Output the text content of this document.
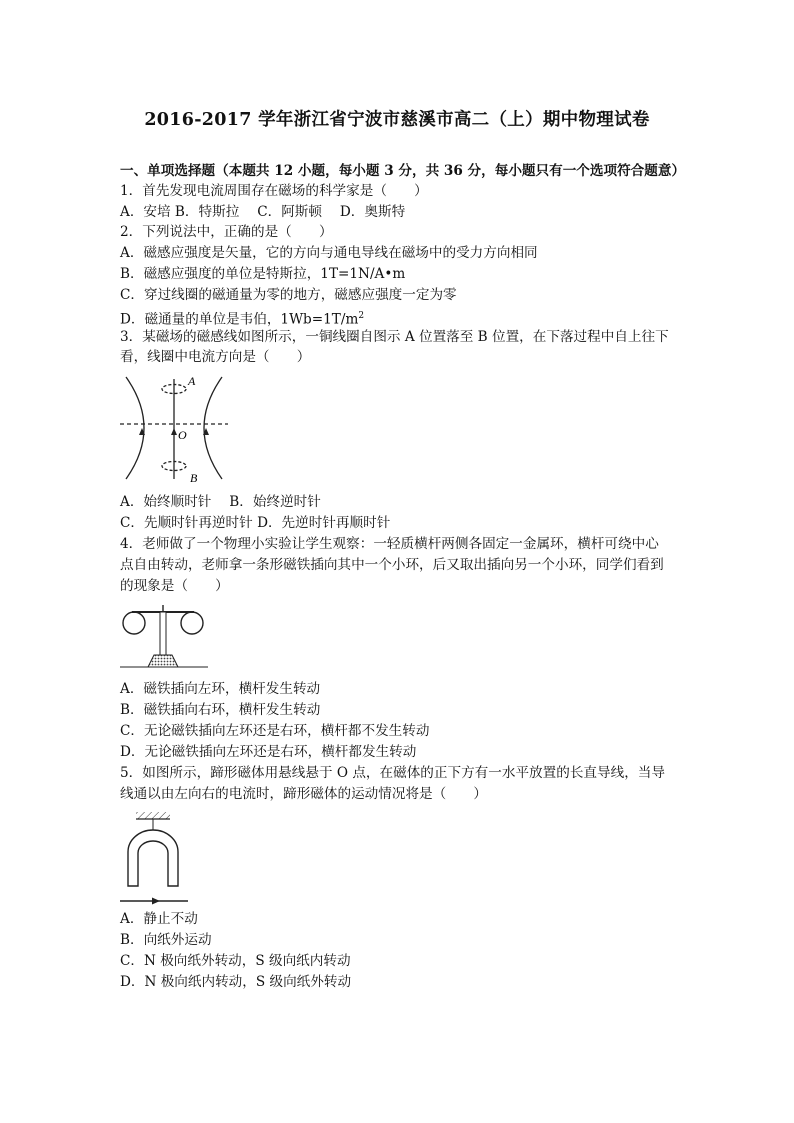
2016-2017 学年浙江省宁波市慈溪市高二（上）期中物理试卷
一、单项选择题（本题共 12 小题，每小题 3 分，共 36 分，每小题只有一个选项符合题意）
1．首先发现电流周围存在磁场的科学家是（　　）
A．安培 B．特斯拉　 C．阿斯顿　 D．奥斯特
2．下列说法中，正确的是（　　）
A．磁感应强度是矢量，它的方向与通电导线在磁场中的受力方向相同
B．磁感应强度的单位是特斯拉，1T=1N/A•m
C．穿过线圈的磁通量为零的地方，磁感应强度一定为零
D．磁通量的单位是韦伯，$1Wb=1T/m^2$
3．某磁场的磁感线如图所示，一铜线圈自图示 A 位置落至 B 位置，在下落过程中自上往下
看，线圈中电流方向是（　　）
A
O
B
A．始终顺时针　 B．始终逆时针
C．先顺时针再逆时针 D．先逆时针再顺时针
4．老师做了一个物理小实验让学生观察：一轻质横杆两侧各固定一金属环，横杆可绕中心
点自由转动，老师拿一条形磁铁插向其中一个小环，后又取出插向另一个小环，同学们看到
的现象是（　　）
A．磁铁插向左环，横杆发生转动
B．磁铁插向右环，横杆发生转动
C．无论磁铁插向左环还是右环，横杆都不发生转动
D．无论磁铁插向左环还是右环，横杆都发生转动
5．如图所示，蹄形磁体用悬线悬于 O 点，在磁体的正下方有一水平放置的长直导线，当导
线通以由左向右的电流时，蹄形磁体的运动情况将是（　　）
A．静止不动
B．向纸外运动
C．N 极向纸外转动，S 级向纸内转动
D．N 极向纸内转动，S 级向纸外转动
